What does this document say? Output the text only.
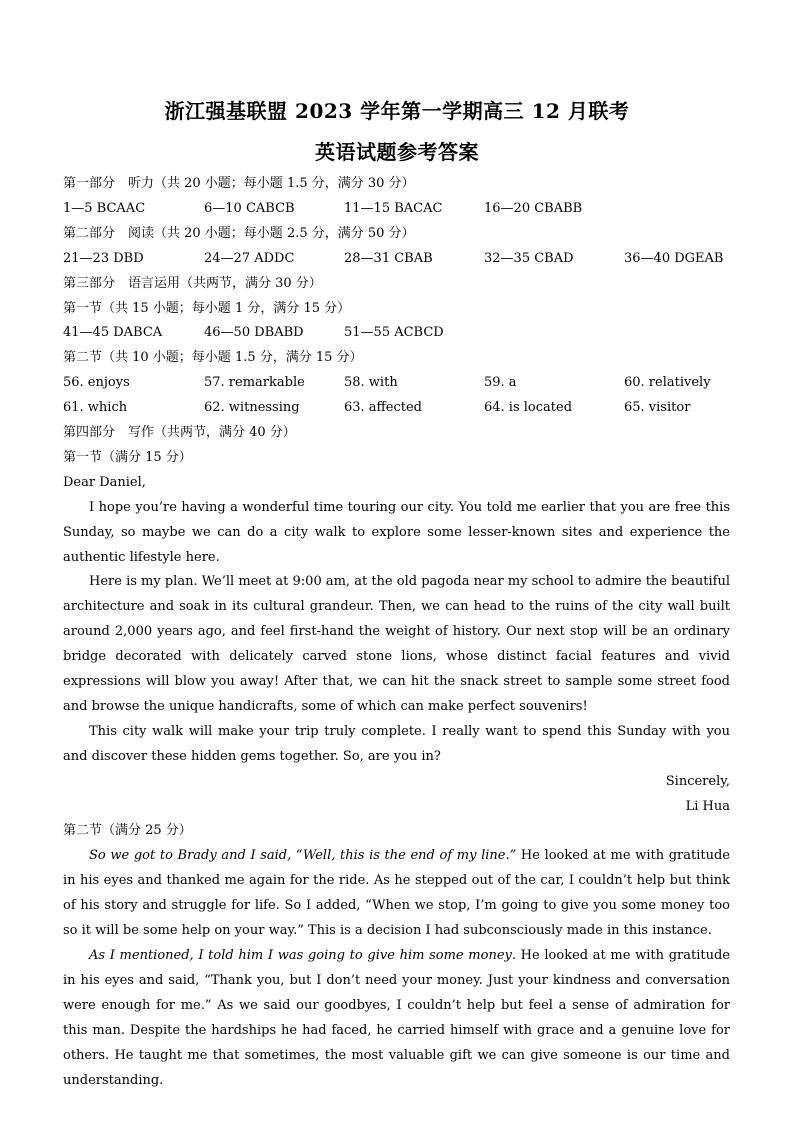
浙江强基联盟 2023 学年第一学期高三 12 月联考
英语试题参考答案

第一部分　听力（共 20 小题；每小题 1.5 分，满分 30 分）

1—5 BCAAC	6—10 CABCB	11—15 BACAC	16—20 CBABB

第二部分　阅读（共 20 小题；每小题 2.5 分，满分 50 分）

21—23 DBD	24—27 ADDC	28—31 CBAB	32—35 CBAD	36—40 DGEAB

第三部分　语言运用（共两节，满分 30 分）

第一节（共 15 小题；每小题 1 分，满分 15 分）

41—45 DABCA	46—50 DBABD	51—55 ACBCD

第二节（共 10 小题；每小题 1.5 分，满分 15 分）

56. enjoys	57. remarkable	58. with	59. a	60. relatively
61. which	62. witnessing	63. affected	64. is located	65. visitor

第四部分　写作（共两节，满分 40 分）

第一节（满分 15 分）

Dear Daniel,

I hope you’re having a wonderful time touring our city. You told me earlier that you are free this Sunday, so maybe we can do a city walk to explore some lesser-known sites and experience the authentic lifestyle here.

Here is my plan. We’ll meet at 9:00 am, at the old pagoda near my school to admire the beautiful architecture and soak in its cultural grandeur. Then, we can head to the ruins of the city wall built around 2,000 years ago, and feel first-hand the weight of history. Our next stop will be an ordinary bridge decorated with delicately carved stone lions, whose distinct facial features and vivid expressions will blow you away! After that, we can hit the snack street to sample some street food and browse the unique handicrafts, some of which can make perfect souvenirs!

This city walk will make your trip truly complete. I really want to spend this Sunday with you and discover these hidden gems together. So, are you in?

Sincerely,

Li Hua

第二节（满分 25 分）

So we got to Brady and I said, “Well, this is the end of my line.” He looked at me with gratitude in his eyes and thanked me again for the ride. As he stepped out of the car, I couldn’t help but think of his story and struggle for life. So I added, “When we stop, I’m going to give you some money too so it will be some help on your way.” This is a decision I had subconsciously made in this instance.

As I mentioned, I told him I was going to give him some money. He looked at me with gratitude in his eyes and said, “Thank you, but I don’t need your money. Just your kindness and conversation were enough for me.” As we said our goodbyes, I couldn’t help but feel a sense of admiration for this man. Despite the hardships he had faced, he carried himself with grace and a genuine love for others. He taught me that sometimes, the most valuable gift we can give someone is our time and understanding.
